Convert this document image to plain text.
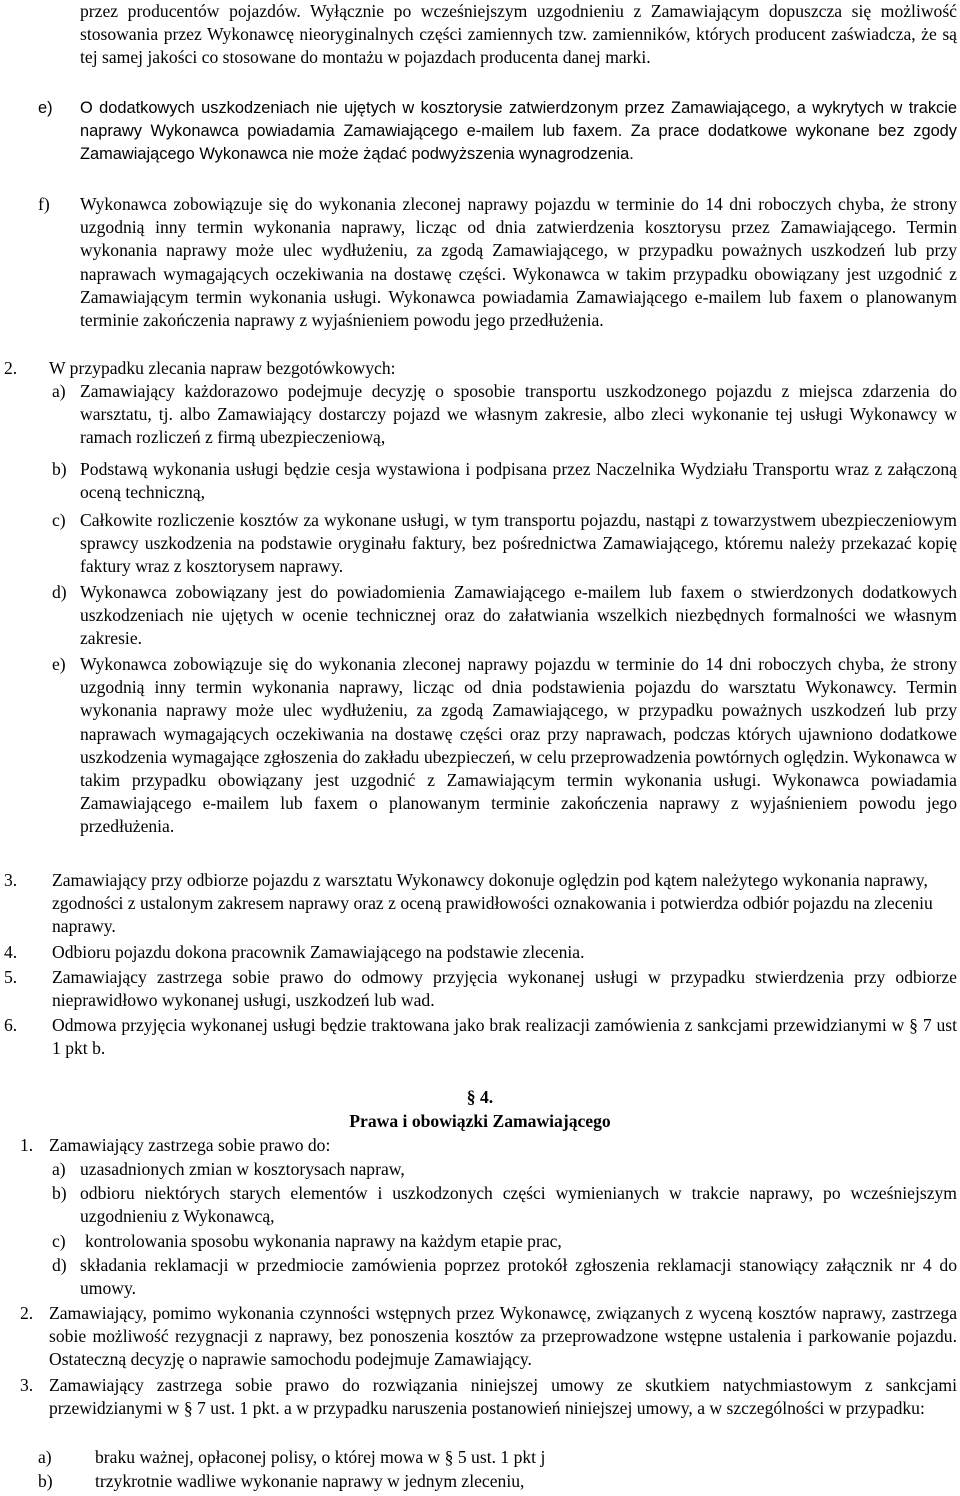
przez producentów pojazdów. Wyłącznie po wcześniejszym uzgodnieniu z Zamawiającym dopuszcza się możliwość stosowania przez Wykonawcę nieoryginalnych części zamiennych tzw. zamienników, których producent zaświadcza, że są tej samej jakości co stosowane do montażu w pojazdach producenta danej marki.
e) O dodatkowych uszkodzeniach nie ujętych w kosztorysie zatwierdzonym przez Zamawiającego, a wykrytych w trakcie naprawy Wykonawca powiadamia Zamawiającego e-mailem lub faxem. Za prace dodatkowe wykonane bez zgody Zamawiającego Wykonawca nie może żądać podwyższenia wynagrodzenia.
f) Wykonawca zobowiązuje się do wykonania zleconej naprawy pojazdu w terminie do 14 dni roboczych chyba, że strony uzgodnią inny termin wykonania naprawy, licząc od dnia zatwierdzenia kosztorysu przez Zamawiającego. Termin wykonania naprawy może ulec wydłużeniu, za zgodą Zamawiającego, w przypadku poważnych uszkodzeń lub przy naprawach wymagających oczekiwania na dostawę części. Wykonawca w takim przypadku obowiązany jest uzgodnić z Zamawiającym termin wykonania usługi. Wykonawca powiadamia Zamawiającego e-mailem lub faxem o planowanym terminie zakończenia naprawy z wyjaśnieniem powodu jego przedłużenia.
2. W przypadku zlecania napraw bezgotówkowych:
a) Zamawiający każdorazowo podejmuje decyzję o sposobie transportu uszkodzonego pojazdu z miejsca zdarzenia do warsztatu, tj. albo Zamawiający dostarczy pojazd we własnym zakresie, albo zleci wykonanie tej usługi Wykonawcy w ramach rozliczeń z firmą ubezpieczeniową,
b) Podstawą wykonania usługi będzie cesja wystawiona i podpisana przez Naczelnika Wydziału Transportu wraz z załączoną oceną techniczną,
c) Całkowite rozliczenie kosztów za wykonane usługi, w tym transportu pojazdu, nastąpi z towarzystwem ubezpieczeniowym sprawcy uszkodzenia na podstawie oryginału faktury, bez pośrednictwa Zamawiającego, któremu należy przekazać kopię faktury wraz z kosztorysem naprawy.
d) Wykonawca zobowiązany jest do powiadomienia Zamawiającego e-mailem lub faxem o stwierdzonych dodatkowych uszkodzeniach nie ujętych w ocenie technicznej oraz do załatwiania wszelkich niezbędnych formalności we własnym zakresie.
e) Wykonawca zobowiązuje się do wykonania zleconej naprawy pojazdu w terminie do 14 dni roboczych chyba, że strony uzgodnią inny termin wykonania naprawy, licząc od dnia podstawienia pojazdu do warsztatu Wykonawcy. Termin wykonania naprawy może ulec wydłużeniu, za zgodą Zamawiającego, w przypadku poważnych uszkodzeń lub przy naprawach wymagających oczekiwania na dostawę części oraz przy naprawach, podczas których ujawniono dodatkowe uszkodzenia wymagające zgłoszenia do zakładu ubezpieczeń, w celu przeprowadzenia powtórnych oględzin. Wykonawca w takim przypadku obowiązany jest uzgodnić z Zamawiającym termin wykonania usługi. Wykonawca powiadamia Zamawiającego e-mailem lub faxem o planowanym terminie zakończenia naprawy z wyjaśnieniem powodu jego przedłużenia.
3. Zamawiający przy odbiorze pojazdu z warsztatu Wykonawcy dokonuje oględzin pod kątem należytego wykonania naprawy, zgodności z ustalonym zakresem naprawy oraz z oceną prawidłowości oznakowania i potwierdza odbiór pojazdu na zleceniu naprawy.
4. Odbioru pojazdu dokona pracownik Zamawiającego na podstawie zlecenia.
5. Zamawiający zastrzega sobie prawo do odmowy przyjęcia wykonanej usługi w przypadku stwierdzenia przy odbiorze nieprawidłowo wykonanej usługi, uszkodzeń lub wad.
6. Odmowa przyjęcia wykonanej usługi będzie traktowana jako brak realizacji zamówienia z sankcjami przewidzianymi w § 7 ust 1 pkt b.
§ 4.
Prawa i obowiązki Zamawiającego
1. Zamawiający zastrzega sobie prawo do:
a) uzasadnionych zmian w kosztorysach napraw,
b) odbioru niektórych starych elementów i uszkodzonych części wymienianych w trakcie naprawy, po wcześniejszym uzgodnieniu z Wykonawcą,
c) kontrolowania sposobu wykonania naprawy na każdym etapie prac,
d) składania reklamacji w przedmiocie zamówienia poprzez protokół zgłoszenia reklamacji stanowiący załącznik nr 4 do umowy.
2. Zamawiający, pomimo wykonania czynności wstępnych przez Wykonawcę, związanych z wyceną kosztów naprawy, zastrzega sobie możliwość rezygnacji z naprawy, bez ponoszenia kosztów za przeprowadzone wstępne ustalenia i parkowanie pojazdu. Ostateczną decyzję o naprawie samochodu podejmuje Zamawiający.
3. Zamawiający zastrzega sobie prawo do rozwiązania niniejszej umowy ze skutkiem natychmiastowym z sankcjami przewidzianymi w § 7 ust. 1 pkt. a w przypadku naruszenia postanowień niniejszej umowy, a w szczególności w przypadku:
a) braku ważnej, opłaconej polisy, o której mowa w § 5 ust. 1 pkt j
b) trzykrotnie wadliwe wykonanie naprawy w jednym zleceniu,
